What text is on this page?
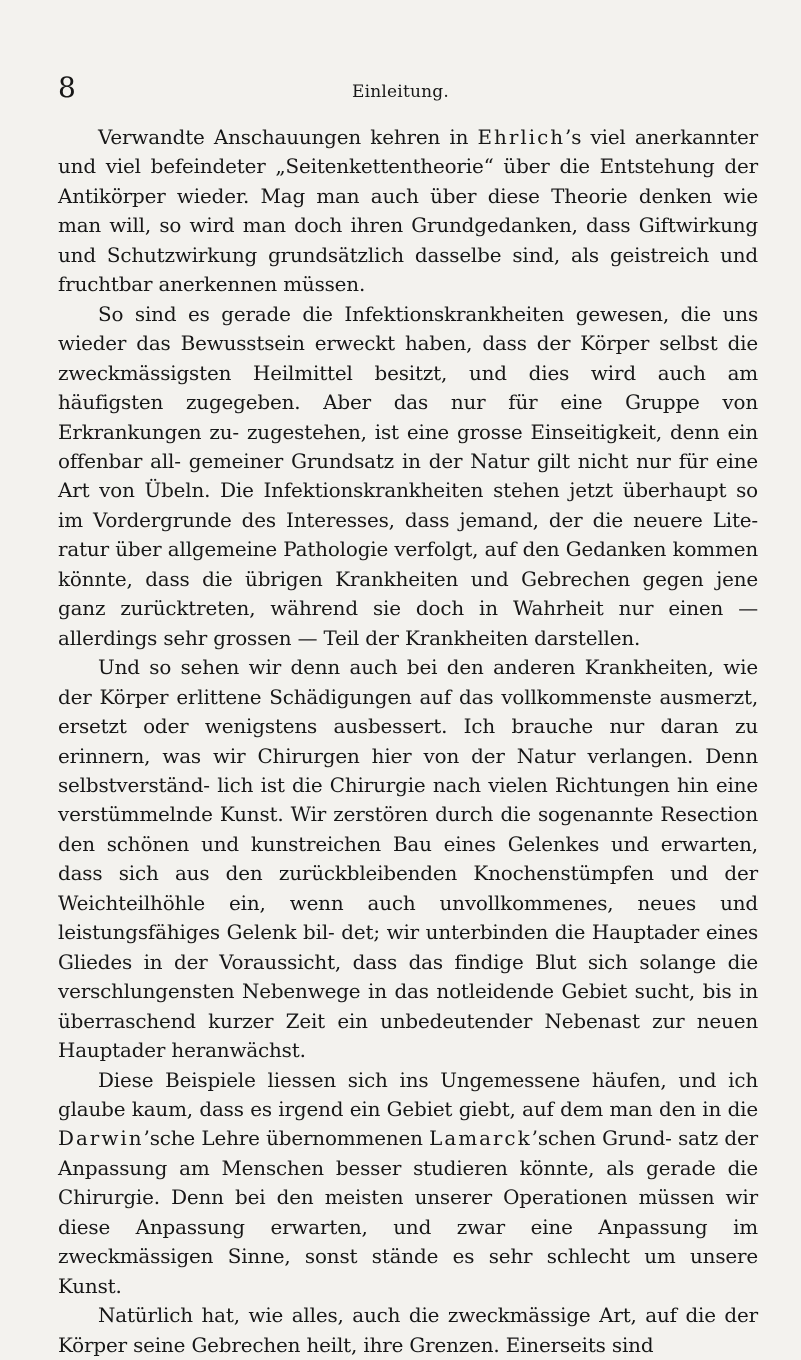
8	Einleitung.

Verwandte Anschauungen kehren in Ehrlich’s viel anerkannter und viel befeindeter „Seitenkettentheorie“ über die Entstehung der Antikörper wieder. Mag man auch über diese Theorie denken wie man will, so wird man doch ihren Grundgedanken, dass Giftwirkung und Schutzwirkung grundsätzlich dasselbe sind, als geistreich und fruchtbar anerkennen müssen.

So sind es gerade die Infektionskrankheiten gewesen, die uns wieder das Bewusstsein erweckt haben, dass der Körper selbst die zweckmässigsten Heilmittel besitzt, und dies wird auch am häufigsten zugegeben. Aber das nur für eine Gruppe von Erkrankungen zu- zugestehen, ist eine grosse Einseitigkeit, denn ein offenbar all- gemeiner Grundsatz in der Natur gilt nicht nur für eine Art von Übeln. Die Infektionskrankheiten stehen jetzt überhaupt so im Vordergrunde des Interesses, dass jemand, der die neuere Lite- ratur über allgemeine Pathologie verfolgt, auf den Gedanken kommen könnte, dass die übrigen Krankheiten und Gebrechen gegen jene ganz zurücktreten, während sie doch in Wahrheit nur einen — allerdings sehr grossen — Teil der Krankheiten darstellen.

Und so sehen wir denn auch bei den anderen Krankheiten, wie der Körper erlittene Schädigungen auf das vollkommenste ausmerzt, ersetzt oder wenigstens ausbessert. Ich brauche nur daran zu erinnern, was wir Chirurgen hier von der Natur verlangen. Denn selbstverständ- lich ist die Chirurgie nach vielen Richtungen hin eine verstümmelnde Kunst. Wir zerstören durch die sogenannte Resection den schönen und kunstreichen Bau eines Gelenkes und erwarten, dass sich aus den zurückbleibenden Knochenstümpfen und der Weichteilhöhle ein, wenn auch unvollkommenes, neues und leistungsfähiges Gelenk bil- det; wir unterbinden die Hauptader eines Gliedes in der Voraussicht, dass das findige Blut sich solange die verschlungensten Nebenwege in das notleidende Gebiet sucht, bis in überraschend kurzer Zeit ein unbedeutender Nebenast zur neuen Hauptader heranwächst.

Diese Beispiele liessen sich ins Ungemessene häufen, und ich glaube kaum, dass es irgend ein Gebiet giebt, auf dem man den in die Darwin’sche Lehre übernommenen Lamarck’schen Grund- satz der Anpassung am Menschen besser studieren könnte, als gerade die Chirurgie. Denn bei den meisten unserer Operationen müssen wir diese Anpassung erwarten, und zwar eine Anpassung im zweckmässigen Sinne, sonst stände es sehr schlecht um unsere Kunst.

Natürlich hat, wie alles, auch die zweckmässige Art, auf die der Körper seine Gebrechen heilt, ihre Grenzen. Einerseits sind
